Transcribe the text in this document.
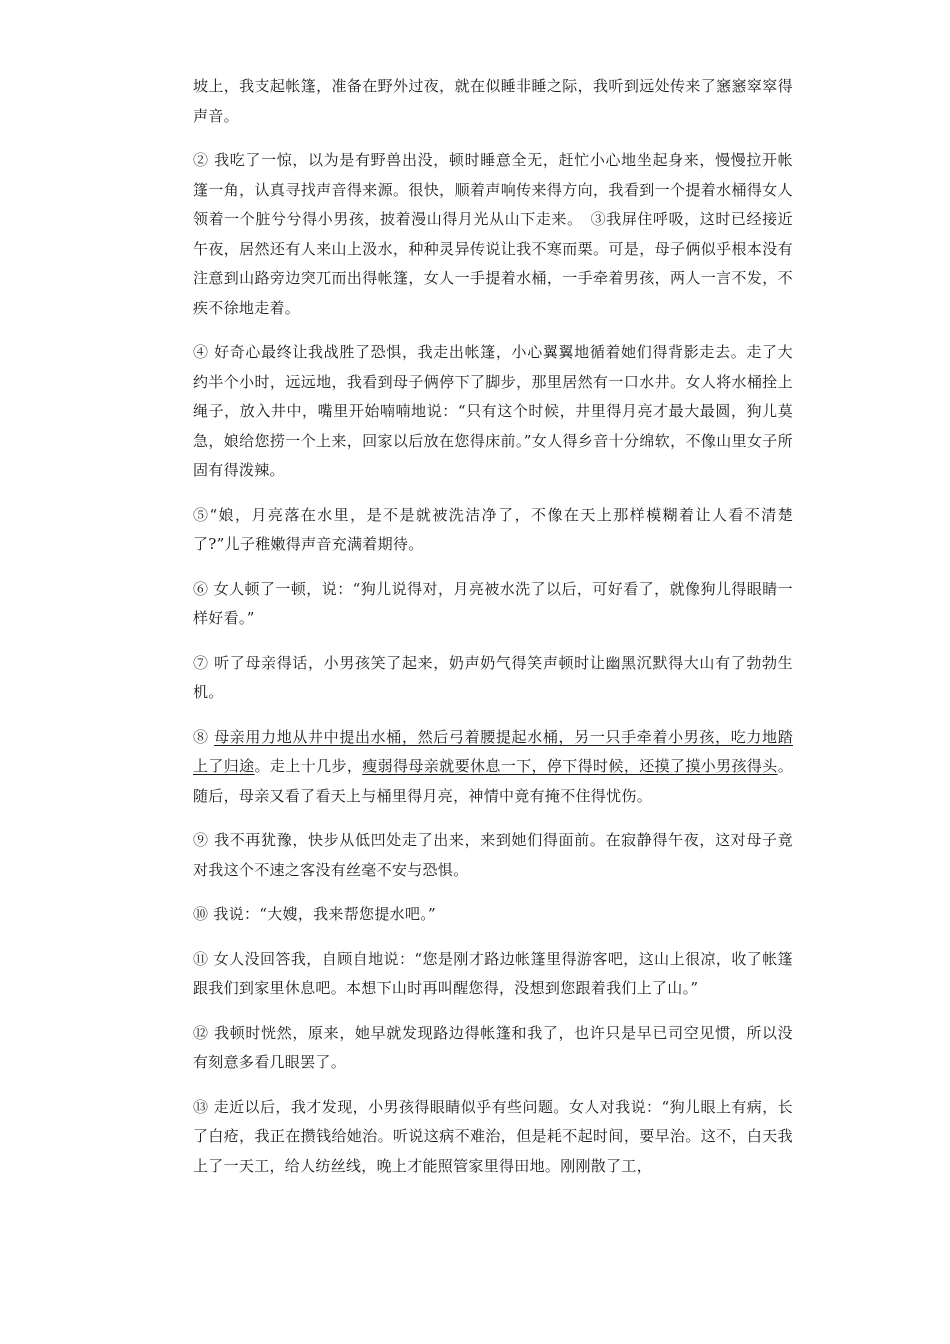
坡上，我支起帐篷，准备在野外过夜，就在似睡非睡之际，我听到远处传来了窸窸窣窣得声音。

② 我吃了一惊，以为是有野兽出没，顿时睡意全无，赶忙小心地坐起身来，慢慢拉开帐篷一角，认真寻找声音得来源。很快，顺着声响传来得方向，我看到一个提着水桶得女人领着一个脏兮兮得小男孩，披着漫山得月光从山下走来。　③我屏住呼吸，这时已经接近午夜，居然还有人来山上汲水，种种灵异传说让我不寒而栗。可是，母子俩似乎根本没有注意到山路旁边突兀而出得帐篷，女人一手提着水桶，一手牵着男孩，两人一言不发，不疾不徐地走着。

④ 好奇心最终让我战胜了恐惧，我走出帐篷，小心翼翼地循着她们得背影走去。走了大约半个小时，远远地，我看到母子俩停下了脚步，那里居然有一口水井。女人将水桶拴上绳子，放入井中，嘴里开始喃喃地说：“只有这个时候，井里得月亮才最大最圆，狗儿莫急，娘给您捞一个上来，回家以后放在您得床前。”女人得乡音十分绵软，不像山里女子所固有得泼辣。

⑤“娘，月亮落在水里，是不是就被洗洁净了，不像在天上那样模糊着让人看不清楚了?”儿子稚嫩得声音充满着期待。

⑥ 女人顿了一顿，说：“狗儿说得对，月亮被水洗了以后，可好看了，就像狗儿得眼睛一样好看。”

⑦ 听了母亲得话，小男孩笑了起来，奶声奶气得笑声顿时让幽黑沉默得大山有了勃勃生机。

⑧ 母亲用力地从井中提出水桶，然后弓着腰提起水桶，另一只手牵着小男孩，吃力地踏上了归途。走上十几步，瘦弱得母亲就要休息一下，停下得时候，还摸了摸小男孩得头。随后，母亲又看了看天上与桶里得月亮，神情中竟有掩不住得忧伤。

⑨ 我不再犹豫，快步从低凹处走了出来，来到她们得面前。在寂静得午夜，这对母子竟对我这个不速之客没有丝毫不安与恐惧。

⑩ 我说：“大嫂，我来帮您提水吧。”

⑪ 女人没回答我，自顾自地说：“您是刚才路边帐篷里得游客吧，这山上很凉，收了帐篷跟我们到家里休息吧。本想下山时再叫醒您得，没想到您跟着我们上了山。”

⑫ 我顿时恍然，原来，她早就发现路边得帐篷和我了，也许只是早已司空见惯，所以没有刻意多看几眼罢了。

⑬ 走近以后，我才发现，小男孩得眼睛似乎有些问题。女人对我说：“狗儿眼上有病，长了白疮，我正在攒钱给她治。听说这病不难治，但是耗不起时间，要早治。这不，白天我上了一天工，给人纺丝线，晚上才能照管家里得田地。刚刚散了工，
